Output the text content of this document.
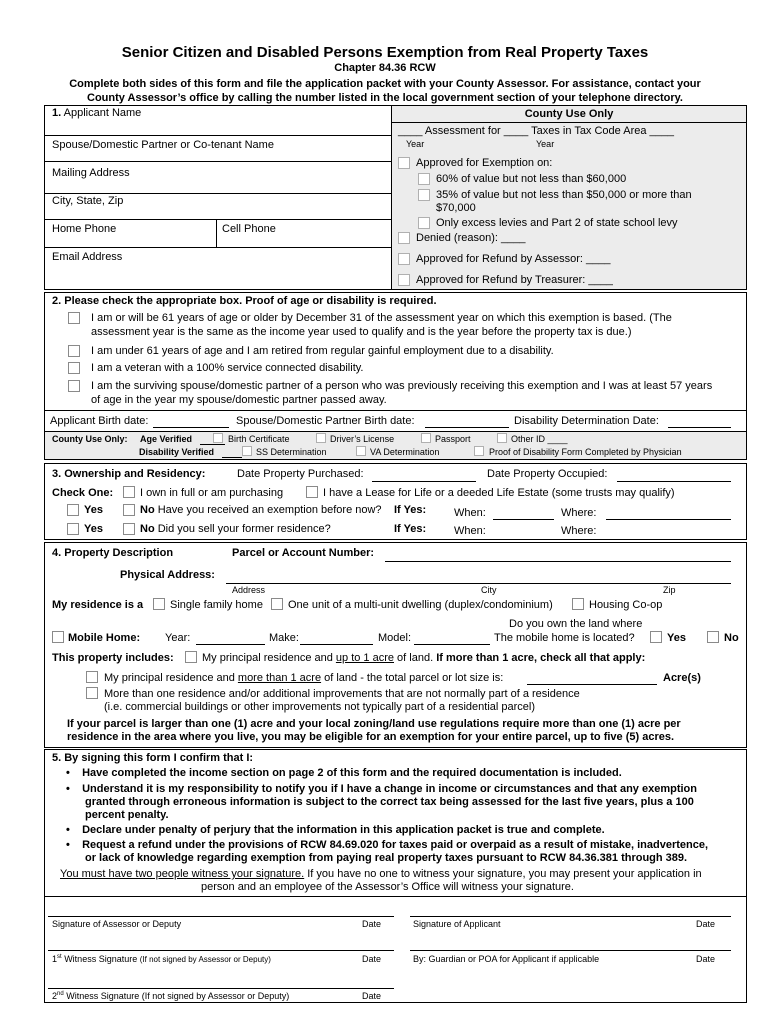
Senior Citizen and Disabled Persons Exemption from Real Property Taxes
Chapter 84.36 RCW
Complete both sides of this form and file the application packet with your County Assessor. For assistance, contact your
County Assessor’s office by calling the number listed in the local government section of your telephone directory.
1. Applicant Name
Spouse/Domestic Partner or Co-tenant Name
Mailing Address
City, State, Zip
Home Phone	Cell Phone
Email Address
County Use Only
____ Assessment for ____ Taxes in Tax Code Area ____
Year	Year
Approved for Exemption on:
60% of value but not less than $60,000
35% of value but not less than $50,000 or more than
$70,000
Only excess levies and Part 2 of state school levy
Denied (reason): ____
Approved for Refund by Assessor: ____
Approved for Refund by Treasurer: ____
2. Please check the appropriate box. Proof of age or disability is required.
I am or will be 61 years of age or older by December 31 of the assessment year on which this exemption is based. (The
assessment year is the same as the income year used to qualify and is the year before the property tax is due.)
I am under 61 years of age and I am retired from regular gainful employment due to a disability.
I am a veteran with a 100% service connected disability.
I am the surviving spouse/domestic partner of a person who was previously receiving this exemption and I was at least 57 years
of age in the year my spouse/domestic partner passed away.
Applicant Birth date:	Spouse/Domestic Partner Birth date:	Disability Determination Date:
County Use Only: Age Verified	Birth Certificate	Driver’s License	Passport	Other ID ____
Disability Verified	SS Determination	VA Determination	Proof of Disability Form Completed by Physician
3. Ownership and Residency:	Date Property Purchased:	Date Property Occupied:
Check One: I own in full or am purchasing	I have a Lease for Life or a deeded Life Estate (some trusts may qualify)
Yes	No Have you received an exemption before now? If Yes:	When:	Where:
Yes	No Did you sell your former residence?	If Yes:	When:	Where:
4. Property Description	Parcel or Account Number:
Physical Address:
Address	City	Zip
My residence is a Single family home One unit of a multi-unit dwelling (duplex/condominium)	Housing Co-op
Do you own the land where
Mobile Home: Year:	Make:	Model:	The mobile home is located?	Yes	No
This property includes:	My principal residence and up to 1 acre of land. If more than 1 acre, check all that apply:
My principal residence and more than 1 acre of land - the total parcel or lot size is:	Acre(s)
More than one residence and/or additional improvements that are not normally part of a residence
(i.e. commercial buildings or other improvements not typically part of a residential parcel)
If your parcel is larger than one (1) acre and your local zoning/land use regulations require more than one (1) acre per
residence in the area where you live, you may be eligible for an exemption for your entire parcel, up to five (5) acres.
5. By signing this form I confirm that I:
•    Have completed the income section on page 2 of this form and the required documentation is included.
•    Understand it is my responsibility to notify you if I have a change in income or circumstances and that any exemption
granted through erroneous information is subject to the correct tax being assessed for the last five years, plus a 100
percent penalty.
•    Declare under penalty of perjury that the information in this application packet is true and complete.
•    Request a refund under the provisions of RCW 84.69.020 for taxes paid or overpaid as a result of mistake, inadvertence,
or lack of knowledge regarding exemption from paying real property taxes pursuant to RCW 84.36.381 through 389.
You must have two people witness your signature. If you have no one to witness your signature, you may present your application in
person and an employee of the Assessor’s Office will witness your signature.
Signature of Assessor or Deputy	Date	Signature of Applicant	Date
1st Witness Signature (If not signed by Assessor or Deputy)	Date	By: Guardian or POA for Applicant if applicable	Date
2nd Witness Signature (If not signed by Assessor or Deputy)	Date
